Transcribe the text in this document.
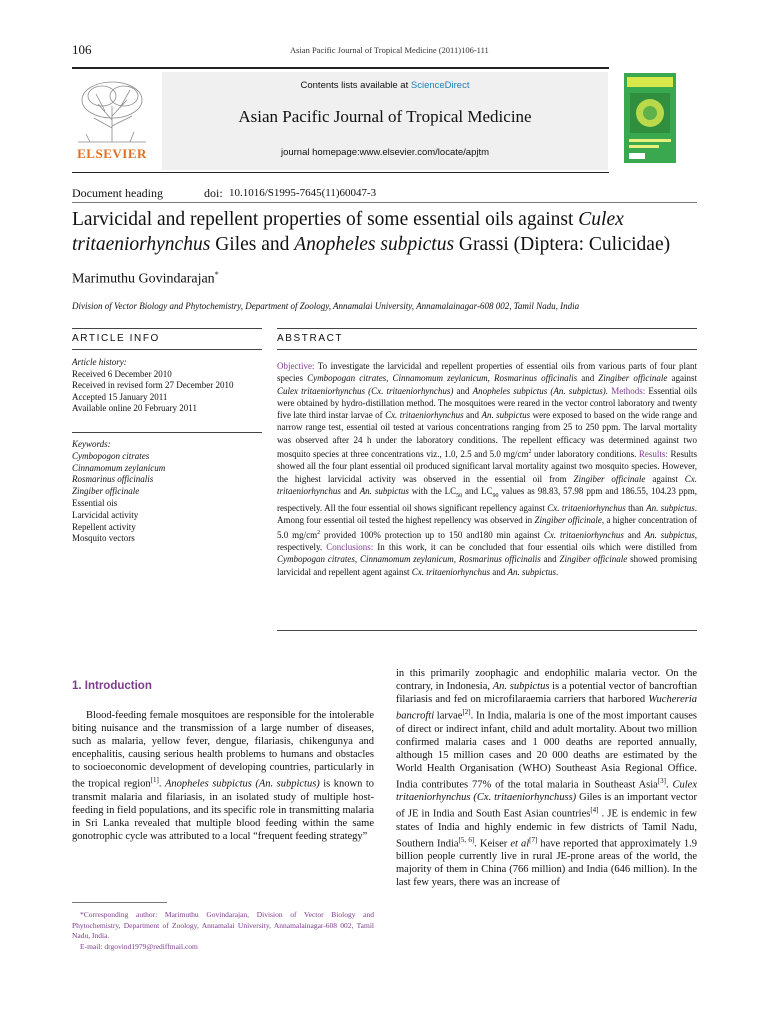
106	Asian Pacific Journal of Tropical Medicine (2011)106-111
ELSEVIER
Contents lists available at ScienceDirect
Asian Pacific Journal of Tropical Medicine
journal homepage:www.elsevier.com/locate/apjtm
Document heading	doi: 10.1016/S1995-7645(11)60047-3
Larvicidal and repellent properties of some essential oils against Culex tritaeniorhynchus Giles and Anopheles subpictus Grassi (Diptera: Culicidae)
Marimuthu Govindarajan*
Division of Vector Biology and Phytochemistry, Department of Zoology, Annamalai University, Annamalainagar-608 002, Tamil Nadu, India
ARTICLE INFO	ABSTRACT
Article history:
Received 6 December 2010
Received in revised form 27 December 2010
Accepted 15 January 2011
Available online 20 February 2011
Keywords:
Cymbopogon citrates
Cinnamomum zeylanicum
Rosmarinus officinalis
Zingiber officinale
Essential ois
Larvicidal activity
Repellent activity
Mosquito vectors
Objective: To investigate the larvicidal and repellent properties of essential oils from various parts of four plant species Cymbopogan citrates, Cinnamomum zeylanicum, Rosmarinus officinalis and Zingiber officinale against Culex tritaeniorhynchus (Cx. tritaeniorhynchus) and Anopheles subpictus (An. subpictus). Methods: Essential oils were obtained by hydro-distillation method. The mosquitoes were reared in the vector control laboratory and twenty five late third instar larvae of Cx. tritaeniorhynchus and An. subpictus were exposed to based on the wide range and narrow range test, essential oil tested at various concentrations ranging from 25 to 250 ppm. The larval mortality was observed after 24 h under the laboratory conditions. The repellent efficacy was determined against two mosquito species at three concentrations viz., 1.0, 2.5 and 5.0 $mg/cm^2$ under laboratory conditions. Results: Results showed all the four plant essential oil produced significant larval mortality against two mosquito species. However, the highest larvicidal activity was observed in the essential oil from Zingiber officinale against Cx. tritaeniorhynchus and An. subpictus with the $LC_{50}$ and $LC_{90}$ values as 98.83, 57.98 ppm and 186.55, 104.23 ppm, respectively. All the four essential oil shows significant repellency against Cx. tritaeniorhynchus than An. subpictus. Among four essential oil tested the highest repellency was observed in Zingiber officinale, a higher concentration of 5.0 $mg/cm^2$ provided 100% protection up to 150 and180 min against Cx. tritaeniorhynchus and An. subpictus, respectively. Conclusions: In this work, it can be concluded that four essential oils which were distilled from Cymbopogan citrates, Cinnamomum zeylanicum, Rosmarinus officinalis and Zingiber officinale showed promising larvicidal and repellent agent against Cx. tritaeniorhynchus and An. subpictus.
1. Introduction

Blood-feeding female mosquitoes are responsible for the intolerable biting nuisance and the transmission of a large number of diseases, such as malaria, yellow fever, dengue, filariasis, chikengunya and encephalitis, causing serious health problems to humans and obstacles to socioeconomic development of developing countries, particularly in the tropical region[1]. Anopheles subpictus (An. subpictus) is known to transmit malaria and filariasis, in an isolated study of multiple host-feeding in field populations, and its specific role in transmitting malaria in Sri Lanka revealed that multiple blood feeding within the same gonotrophic cycle was attributed to a local “frequent feeding strategy”

in this primarily zoophagic and endophilic malaria vector. On the contrary, in Indonesia, An. subpictus is a potential vector of bancroftian filariasis and fed on microfilaraemia carriers that harbored Wuchereria bancrofti larvae[2]. In India, malaria is one of the most important causes of direct or indirect infant, child and adult mortality. About two million confirmed malaria cases and 1 000 deaths are reported annually, although 15 million cases and 20 000 deaths are estimated by the World Health Organisation (WHO) Southeast Asia Regional Office. India contributes 77% of the total malaria in Southeast Asia[3]. Culex tritaeniorhynchus (Cx. tritaeniorhynchuss) Giles is an important vector of JE in India and South East Asian countries[4] . JE is endemic in few states of India and highly endemic in few districts of Tamil Nadu, Southern India[5, 6]. Keiser et al[7] have reported that approximately 1.9 billion people currently live in rural JE-prone areas of the world, the majority of them in China (766 million) and India (646 million). In the last few years, there was an increase of

*Corresponding author: Marimuthu Govindarajan, Division of Vector Biology and Phytochemistry, Department of Zoology, Annamalai University, Annamalainagar-608 002, Tamil Nadu, India.
E-mail: drgovind1979@rediffmail.com
